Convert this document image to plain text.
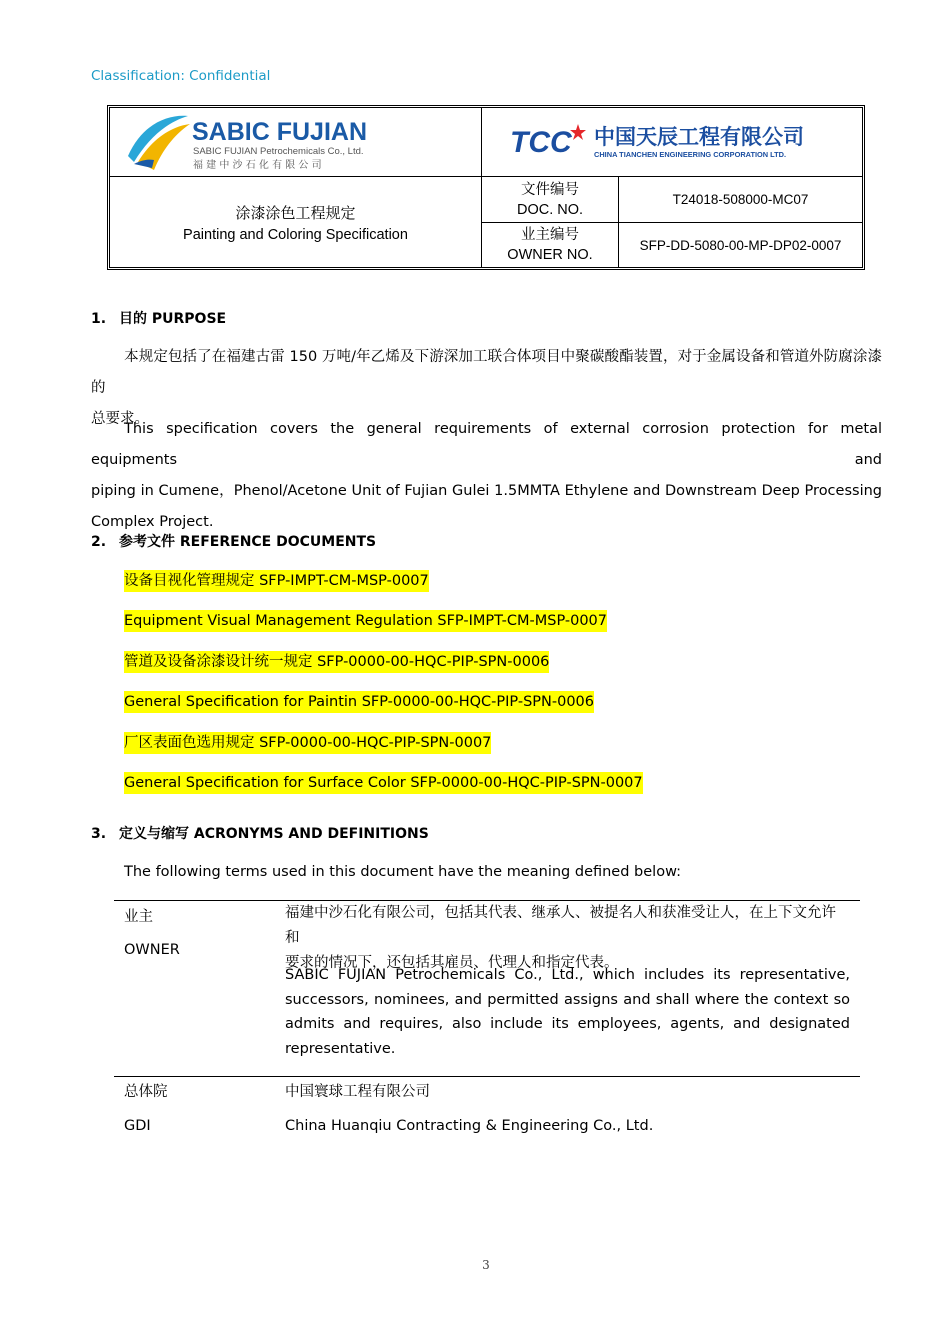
Classification: Confidential
SABIC FUJIAN
SABIC FUJIAN Petrochemicals Co., Ltd.
福 建 中 沙 石 化 有 限 公 司
TCC 中国天辰工程有限公司
CHINA TIANCHEN ENGINEERING CORPORATION LTD.
涂漆涂色工程规定
Painting and Coloring Specification
文件编号
DOC. NO.
T24018-508000-MC07
业主编号
OWNER NO.
SFP-DD-5080-00-MP-DP02-0007
1. 目的 PURPOSE
本规定包括了在福建古雷 150 万吨/年乙烯及下游深加工联合体项目中聚碳酸酯装置，对于金属设备和管道外防腐涂漆的
总要求。
This specification covers the general requirements of external corrosion protection for metal equipments and
piping in Cumene，Phenol/Acetone Unit of Fujian Gulei 1.5MMTA Ethylene and Downstream Deep Processing
Complex Project.
2. 参考文件 REFERENCE DOCUMENTS
设备目视化管理规定 SFP-IMPT-CM-MSP-0007
Equipment Visual Management Regulation SFP-IMPT-CM-MSP-0007
管道及设备涂漆设计统一规定 SFP-0000-00-HQC-PIP-SPN-0006
General Specification for Paintin SFP-0000-00-HQC-PIP-SPN-0006
厂区表面色选用规定 SFP-0000-00-HQC-PIP-SPN-0007
General Specification for Surface Color SFP-0000-00-HQC-PIP-SPN-0007
3. 定义与缩写 ACRONYMS AND DEFINITIONS
The following terms used in this document have the meaning defined below:
业主
OWNER
福建中沙石化有限公司，包括其代表、继承人、被提名人和获准受让人，在上下文允许和
要求的情况下，还包括其雇员、代理人和指定代表。
SABIC FUJIAN Petrochemicals Co., Ltd., which includes its representative,
successors, nominees, and permitted assigns and shall where the context so
admits and requires, also include its employees, agents, and designated
representative.
总体院
GDI
中国寰球工程有限公司
China Huanqiu Contracting & Engineering Co., Ltd.
3
